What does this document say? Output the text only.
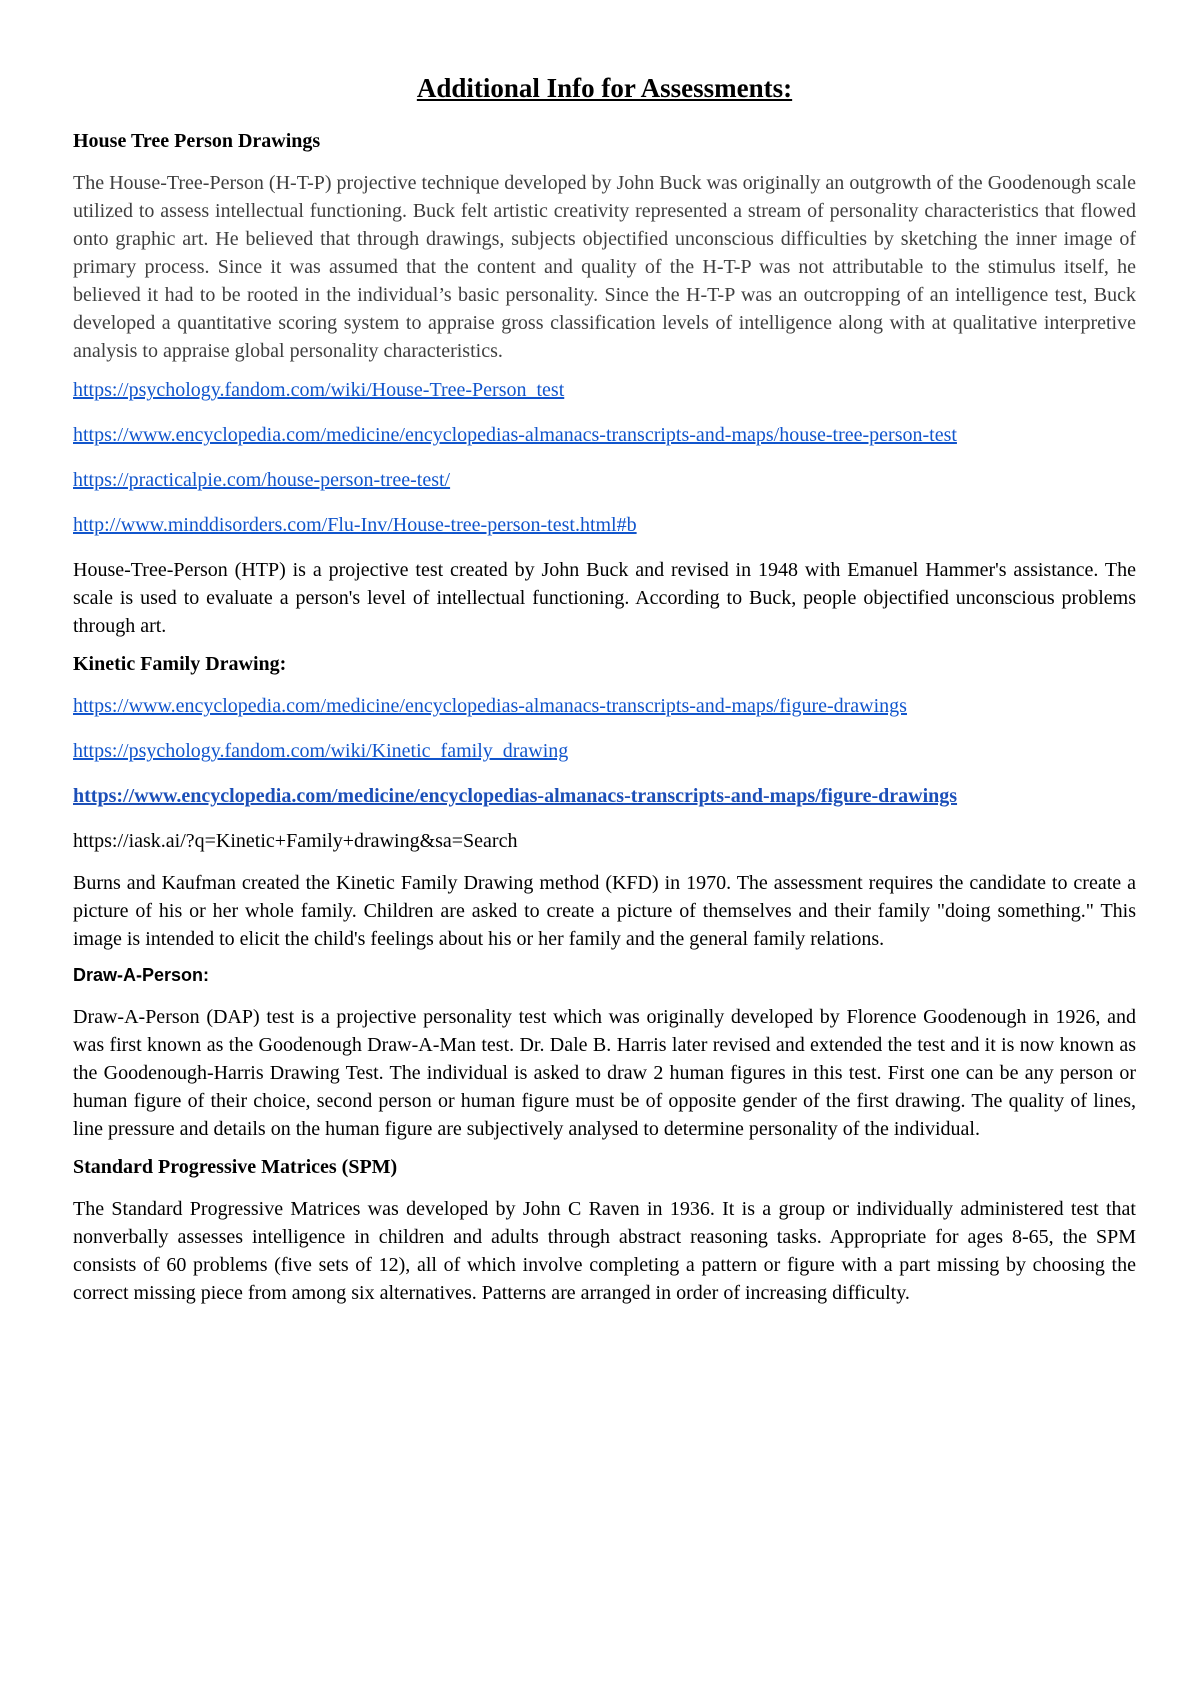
Additional Info for Assessments:
House Tree Person Drawings

The House-Tree-Person (H-T-P) projective technique developed by John Buck was originally an outgrowth of the Goodenough scale utilized to assess intellectual functioning. Buck felt artistic creativity represented a stream of personality characteristics that flowed onto graphic art. He believed that through drawings, subjects objectified unconscious difficulties by sketching the inner image of primary process. Since it was assumed that the content and quality of the H-T-P was not attributable to the stimulus itself, he believed it had to be rooted in the individual’s basic personality. Since the H-T-P was an outcropping of an intelligence test, Buck developed a quantitative scoring system to appraise gross classification levels of intelligence along with at qualitative interpretive analysis to appraise global personality characteristics.

https://psychology.fandom.com/wiki/House-Tree-Person_test
https://www.encyclopedia.com/medicine/encyclopedias-almanacs-transcripts-and-maps/house-tree-person-test
https://practicalpie.com/house-person-tree-test/
http://www.minddisorders.com/Flu-Inv/House-tree-person-test.html#b

House-Tree-Person (HTP) is a projective test created by John Buck and revised in 1948 with Emanuel Hammer's assistance. The scale is used to evaluate a person's level of intellectual functioning. According to Buck, people objectified unconscious problems through art.

Kinetic Family Drawing:
https://www.encyclopedia.com/medicine/encyclopedias-almanacs-transcripts-and-maps/figure-drawings
https://psychology.fandom.com/wiki/Kinetic_family_drawing
https://www.encyclopedia.com/medicine/encyclopedias-almanacs-transcripts-and-maps/figure-drawings
https://iask.ai/?q=Kinetic+Family+drawing&sa=Search

Burns and Kaufman created the Kinetic Family Drawing method (KFD) in 1970. The assessment requires the candidate to create a picture of his or her whole family. Children are asked to create a picture of themselves and their family "doing something." This image is intended to elicit the child's feelings about his or her family and the general family relations.

Draw-A-Person:

Draw-A-Person (DAP) test is a projective personality test which was originally developed by Florence Goodenough in 1926, and was first known as the Goodenough Draw-A-Man test. Dr. Dale B. Harris later revised and extended the test and it is now known as the Goodenough-Harris Drawing Test. The individual is asked to draw 2 human figures in this test. First one can be any person or human figure of their choice, second person or human figure must be of opposite gender of the first drawing. The quality of lines, line pressure and details on the human figure are subjectively analysed to determine personality of the individual.

Standard Progressive Matrices (SPM)

The Standard Progressive Matrices was developed by John C Raven in 1936. It is a group or individually administered test that nonverbally assesses intelligence in children and adults through abstract reasoning tasks. Appropriate for ages 8-65, the SPM consists of 60 problems (five sets of 12), all of which involve completing a pattern or figure with a part missing by choosing the correct missing piece from among six alternatives. Patterns are arranged in order of increasing difficulty.
